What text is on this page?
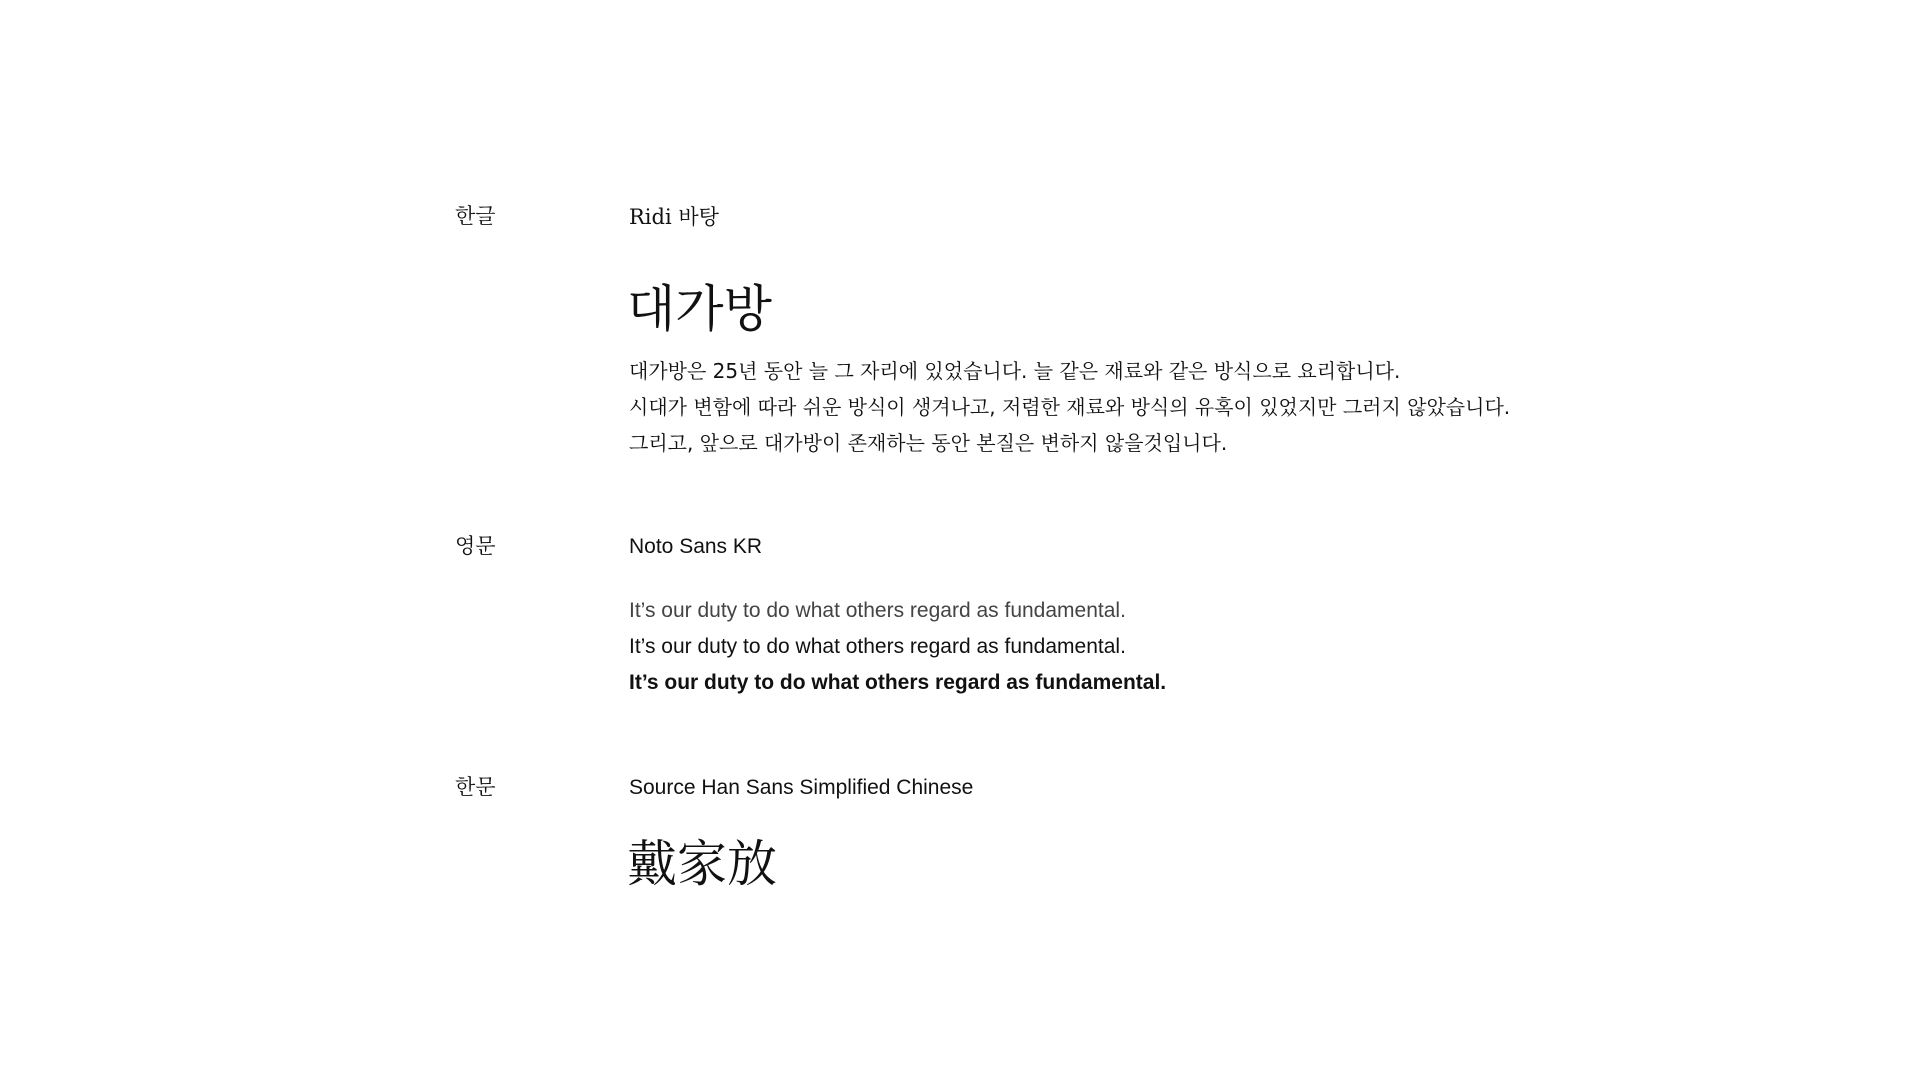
한글	Ridi 바탕
대가방
대가방은 25년 동안 늘 그 자리에 있었습니다. 늘 같은 재료와 같은 방식으로 요리합니다.
시대가 변함에 따라 쉬운 방식이 생겨나고, 저렴한 재료와 방식의 유혹이 있었지만 그러지 않았습니다.
그리고, 앞으로 대가방이 존재하는 동안 본질은 변하지 않을것입니다.
영문	Noto Sans KR
It’s our duty to do what others regard as fundamental.
It’s our duty to do what others regard as fundamental.
It’s our duty to do what others regard as fundamental.
한문	Source Han Sans Simplified Chinese
戴家放
